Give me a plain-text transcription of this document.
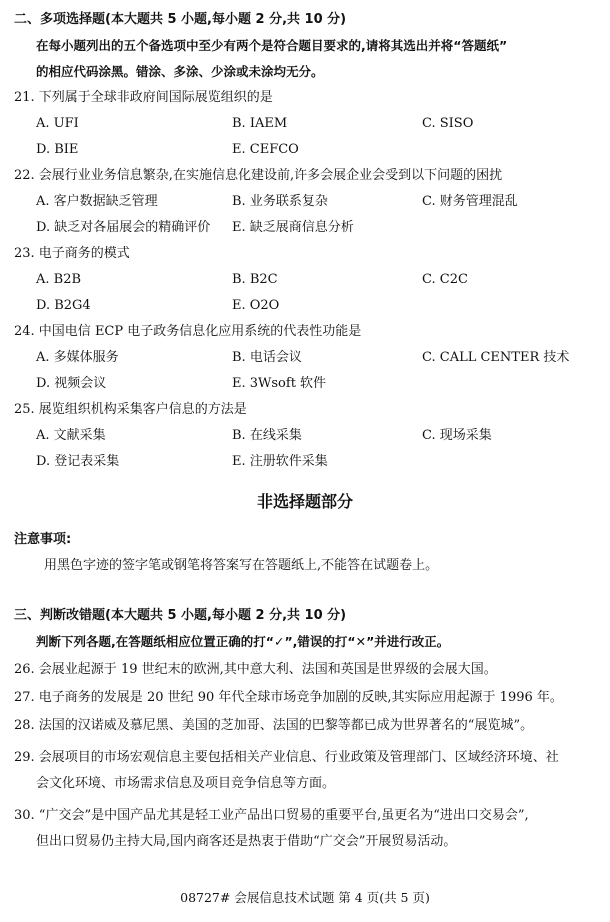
二、多项选择题(本大题共 5 小题,每小题 2 分,共 10 分)
在每小题列出的五个备选项中至少有两个是符合题目要求的,请将其选出并将“答题纸”
的相应代码涂黑。错涂、多涂、少涂或未涂均无分。
21. 下列属于全球非政府间国际展览组织的是
A. UFI	B. IAEM	C. SISO
D. BIE	E. CEFCO
22. 会展行业业务信息繁杂,在实施信息化建设前,许多会展企业会受到以下问题的困扰
A. 客户数据缺乏管理	B. 业务联系复杂	C. 财务管理混乱
D. 缺乏对各届展会的精确评价 E. 缺乏展商信息分析
23. 电子商务的模式
A. B2B	B. B2C	C. C2C
D. B2G4	E. O2O
24. 中国电信 ECP 电子政务信息化应用系统的代表性功能是
A. 多媒体服务	B. 电话会议	C. CALL CENTER 技术
D. 视频会议	E. 3Wsoft 软件
25. 展览组织机构采集客户信息的方法是
A. 文献采集	B. 在线采集	C. 现场采集
D. 登记表采集	E. 注册软件采集
非选择题部分
注意事项:
用黑色字迹的签字笔或钢笔将答案写在答题纸上,不能答在试题卷上。
三、判断改错题(本大题共 5 小题,每小题 2 分,共 10 分)
判断下列各题,在答题纸相应位置正确的打“✓”,错误的打“✕”并进行改正。
26. 会展业起源于 19 世纪末的欧洲,其中意大利、法国和英国是世界级的会展大国。
27. 电子商务的发展是 20 世纪 90 年代全球市场竞争加剧的反映,其实际应用起源于 1996 年。
28. 法国的汉诺威及慕尼黑、美国的芝加哥、法国的巴黎等都已成为世界著名的“展览城”。
29. 会展项目的市场宏观信息主要包括相关产业信息、行业政策及管理部门、区域经济环境、社
会文化环境、市场需求信息及项目竞争信息等方面。
30. “广交会”是中国产品尤其是轻工业产品出口贸易的重要平台,虽更名为“进出口交易会”,
但出口贸易仍主持大局,国内商客还是热衷于借助“广交会”开展贸易活动。
08727# 会展信息技术试题 第 4 页(共 5 页)
